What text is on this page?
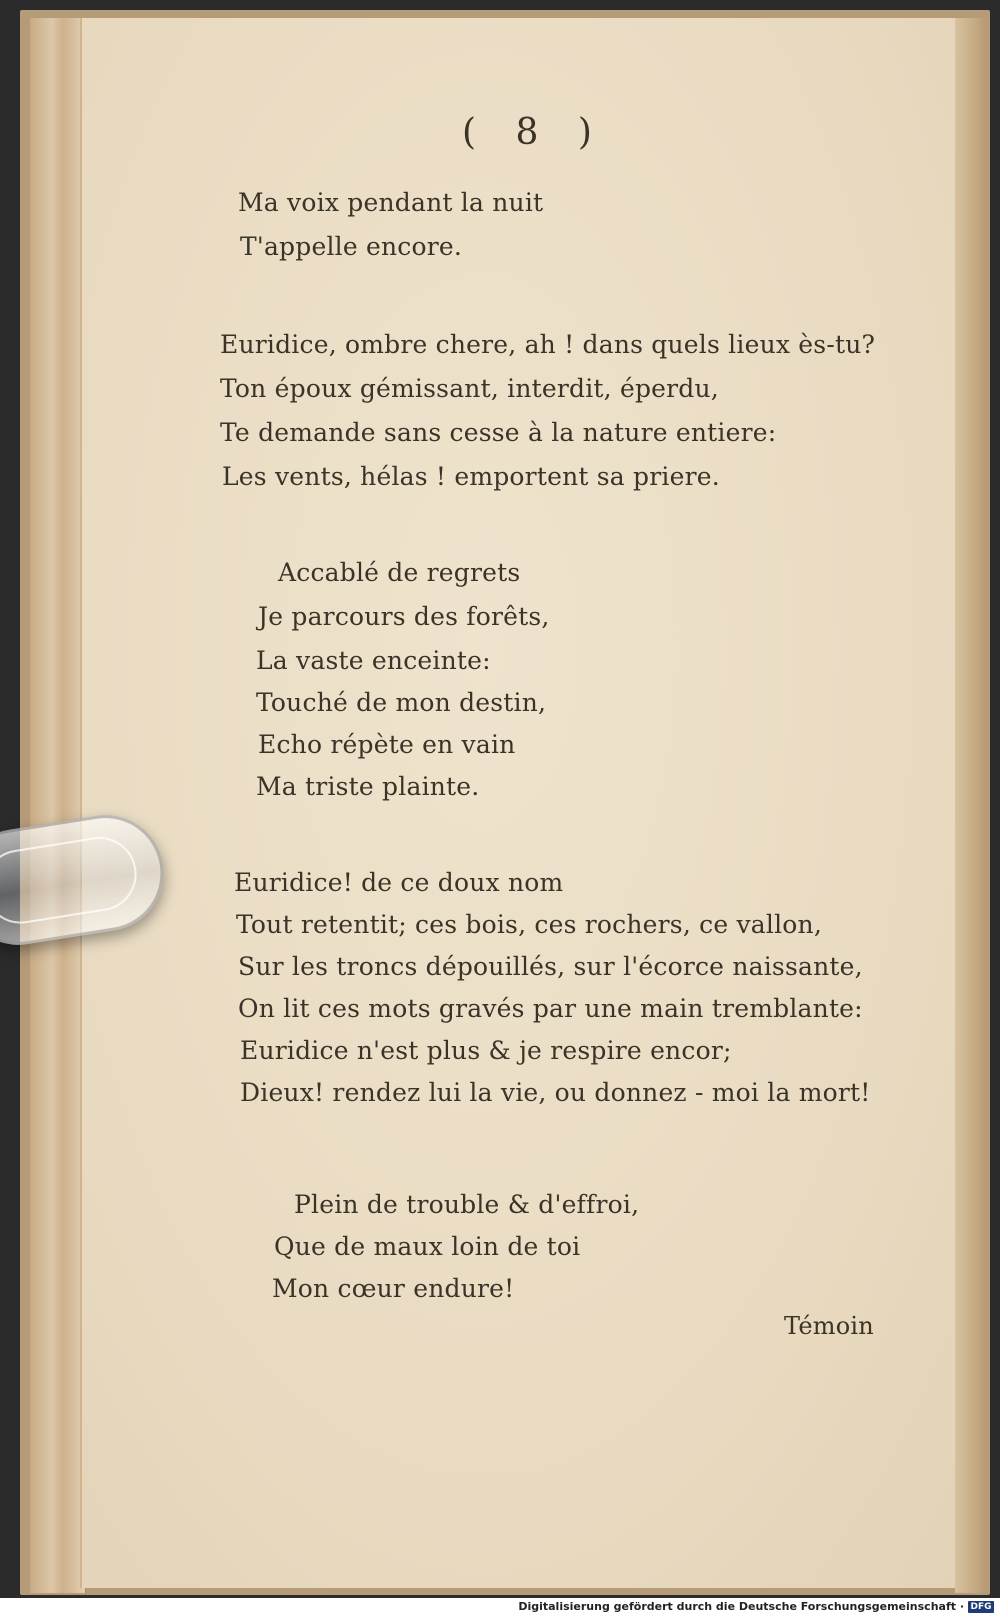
( 8 )
Ma voix pendant la nuit
T'appelle encore.
Euridice, ombre chere, ah ! dans quels lieux ès-tu?
Ton époux gémissant, interdit, éperdu,
Te demande sans cesse à la nature entiere:
Les vents, hélas ! emportent sa priere.
Accablé de regrets
Je parcours des forêts,
La vaste enceinte:
Touché de mon destin,
Echo répète en vain
Ma triste plainte.
Euridice! de ce doux nom
Tout retentit; ces bois, ces rochers, ce vallon,
Sur les troncs dépouillés, sur l'écorce naissante,
On lit ces mots gravés par une main tremblante:
Euridice n'est plus & je respire encor;
Dieux! rendez lui la vie, ou donnez - moi la mort!
Plein de trouble & d'effroi,
Que de maux loin de toi
Mon cœur endure!
Témoin
Digitalisierung gefördert durch die Deutsche Forschungsgemeinschaft · DFG
